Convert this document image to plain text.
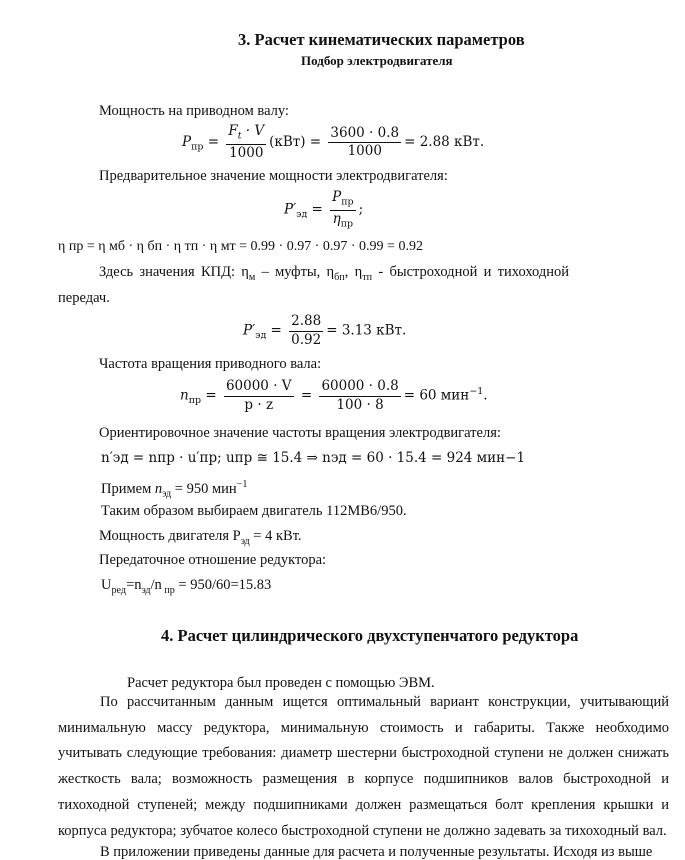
3. Расчет кинематических параметров
Подбор электродвигателя
Мощность на приводном валу:
$P_{пр} = \frac{F_t \cdot V}{1000} (кВт) = \frac{3600 \cdot 0.8}{1000} = 2.88$ кВт.
Предварительное значение мощности электродвигателя:
$P'_{эд} = \frac{P_{пр}}{\eta_{пр}}$ ;
η пр = η мб · η бп · η тп · η мт = 0.99 · 0.97 · 0.97 · 0.99 = 0.92
Здесь значения КПД: $\eta_м$ – муфты, $\eta_{бп}$, $\eta_{тп}$ - быстроходной и тихоходной
передач.
$P'_{эд} = \frac{2.88}{0.92} = 3.13$ кВт.
Частота вращения приводного вала:
$n_{пр} = \frac{60000 \cdot V}{p \cdot z} = \frac{60000 \cdot 0.8}{100 \cdot 8} = 60$ мин$^{-1}$.
Ориентировочное значение частоты вращения электродвигателя:
n′эд = nпр · u′пр; uпр ≅ 15.4 ⇒ nэд = 60 · 15.4 = 924 мин−1
Примем $n_{эд} = 950$ мин$^{-1}$
Таким образом выбираем двигатель 112МВ6/950.
Мощность двигателя $Р_{эд} = 4$ кВт.
Передаточное отношение редуктора:
$U_{ред}=n_{эд}/n$ $_{пр}$ = 950/60=15.83
4. Расчет цилиндрического двухступенчатого редуктора
Расчет редуктора был проведен с помощью ЭВМ.
По рассчитанным данным ищется оптимальный вариант конструкции, учитывающий минимальную массу редуктора, минимальную стоимость и габариты. Также необходимо учитывать следующие требования: диаметр шестерни быстроходной ступени не должен снижать жесткость вала; возможность размещения в корпусе подшипников валов быстроходной и тихоходной ступеней; между подшипниками должен размещаться болт крепления крышки и корпуса редуктора; зубчатое колесо быстроходной ступени не должно задевать за тихоходный вал.
В приложении приведены данные для расчета и полученные результаты. Исходя из выше
